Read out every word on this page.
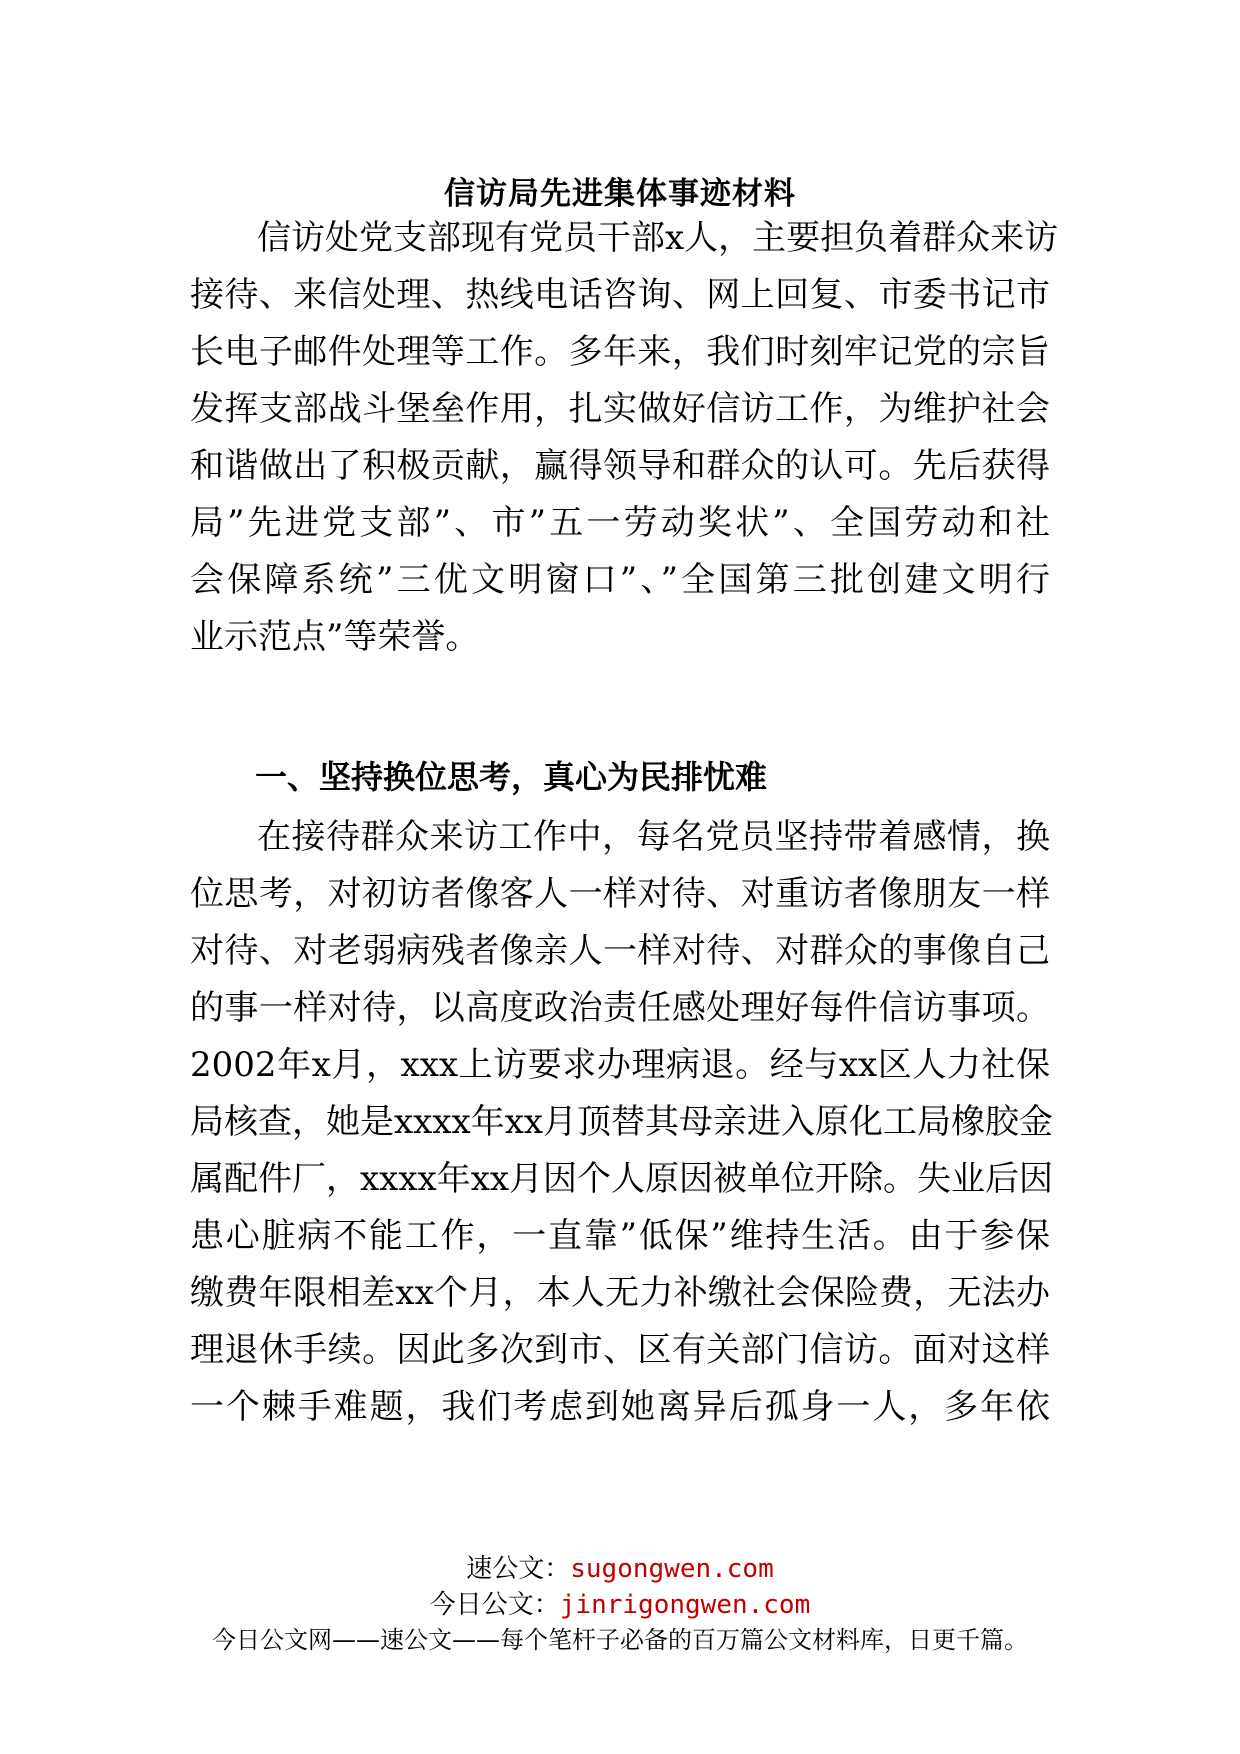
信访局先进集体事迹材料
信访处党支部现有党员干部x人，主要担负着群众来访
接待、来信处理、热线电话咨询、网上回复、市委书记市
长电子邮件处理等工作。多年来，我们时刻牢记党的宗旨
发挥支部战斗堡垒作用，扎实做好信访工作，为维护社会
和谐做出了积极贡献，赢得领导和群众的认可。先后获得
局”先进党支部”、市”五一劳动奖状”、全国劳动和社
会保障系统”三优文明窗口”、”全国第三批创建文明行
业示范点”等荣誉。
一、坚持换位思考，真心为民排忧难
在接待群众来访工作中，每名党员坚持带着感情，换
位思考，对初访者像客人一样对待、对重访者像朋友一样
对待、对老弱病残者像亲人一样对待、对群众的事像自己
的事一样对待，以高度政治责任感处理好每件信访事项。
2002年x月，xxx上访要求办理病退。经与xx区人力社保
局核查，她是xxxx年xx月顶替其母亲进入原化工局橡胶金
属配件厂，xxxx年xx月因个人原因被单位开除。失业后因
患心脏病不能工作，一直靠”低保”维持生活。由于参保
缴费年限相差xx个月，本人无力补缴社会保险费，无法办
理退休手续。因此多次到市、区有关部门信访。面对这样
一个棘手难题，我们考虑到她离异后孤身一人，多年依
速公文：sugongwen.com
今日公文：jinrigongwen.com
今日公文网——速公文——每个笔杆子必备的百万篇公文材料库，日更千篇。
